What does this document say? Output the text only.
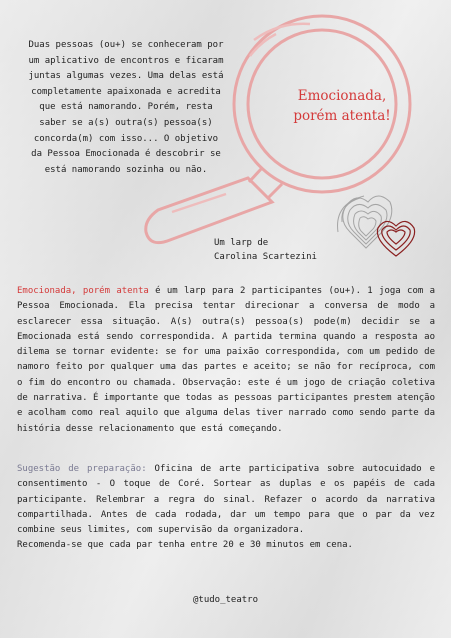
Duas pessoas (ou+) se conheceram por um aplicativo de encontros e ficaram juntas algumas vezes. Uma delas está completamente apaixonada e acredita que está namorando. Porém, resta saber se a(s) outra(s) pessoa(s) concorda(m) com isso... O objetivo da Pessoa Emocionada é descobrir se está namorando sozinha ou não.
Emocionada,
porém atenta!
Um larp de
Carolina Scartezini
Emocionada, porém atenta é um larp para 2 participantes (ou+). 1 joga com a Pessoa Emocionada. Ela precisa tentar direcionar a conversa de modo a esclarecer essa situação. A(s) outra(s) pessoa(s) pode(m) decidir se a Emocionada está sendo correspondida. A partida termina quando a resposta ao dilema se tornar evidente: se for uma paixão correspondida, com um pedido de namoro feito por qualquer uma das partes e aceito; se não for recíproca, com o fim do encontro ou chamada. Observação: este é um jogo de criação coletiva de narrativa. É importante que todas as pessoas participantes prestem atenção e acolham como real aquilo que alguma delas tiver narrado como sendo parte da história desse relacionamento que está começando.
Sugestão de preparação: Oficina de arte participativa sobre autocuidado e consentimento - O toque de Coré. Sortear as duplas e os papéis de cada participante. Relembrar a regra do sinal. Refazer o acordo da narrativa compartilhada. Antes de cada rodada, dar um tempo para que o par da vez combine seus limites, com supervisão da organizadora.
Recomenda-se que cada par tenha entre 20 e 30 minutos em cena.
@tudo_teatro
